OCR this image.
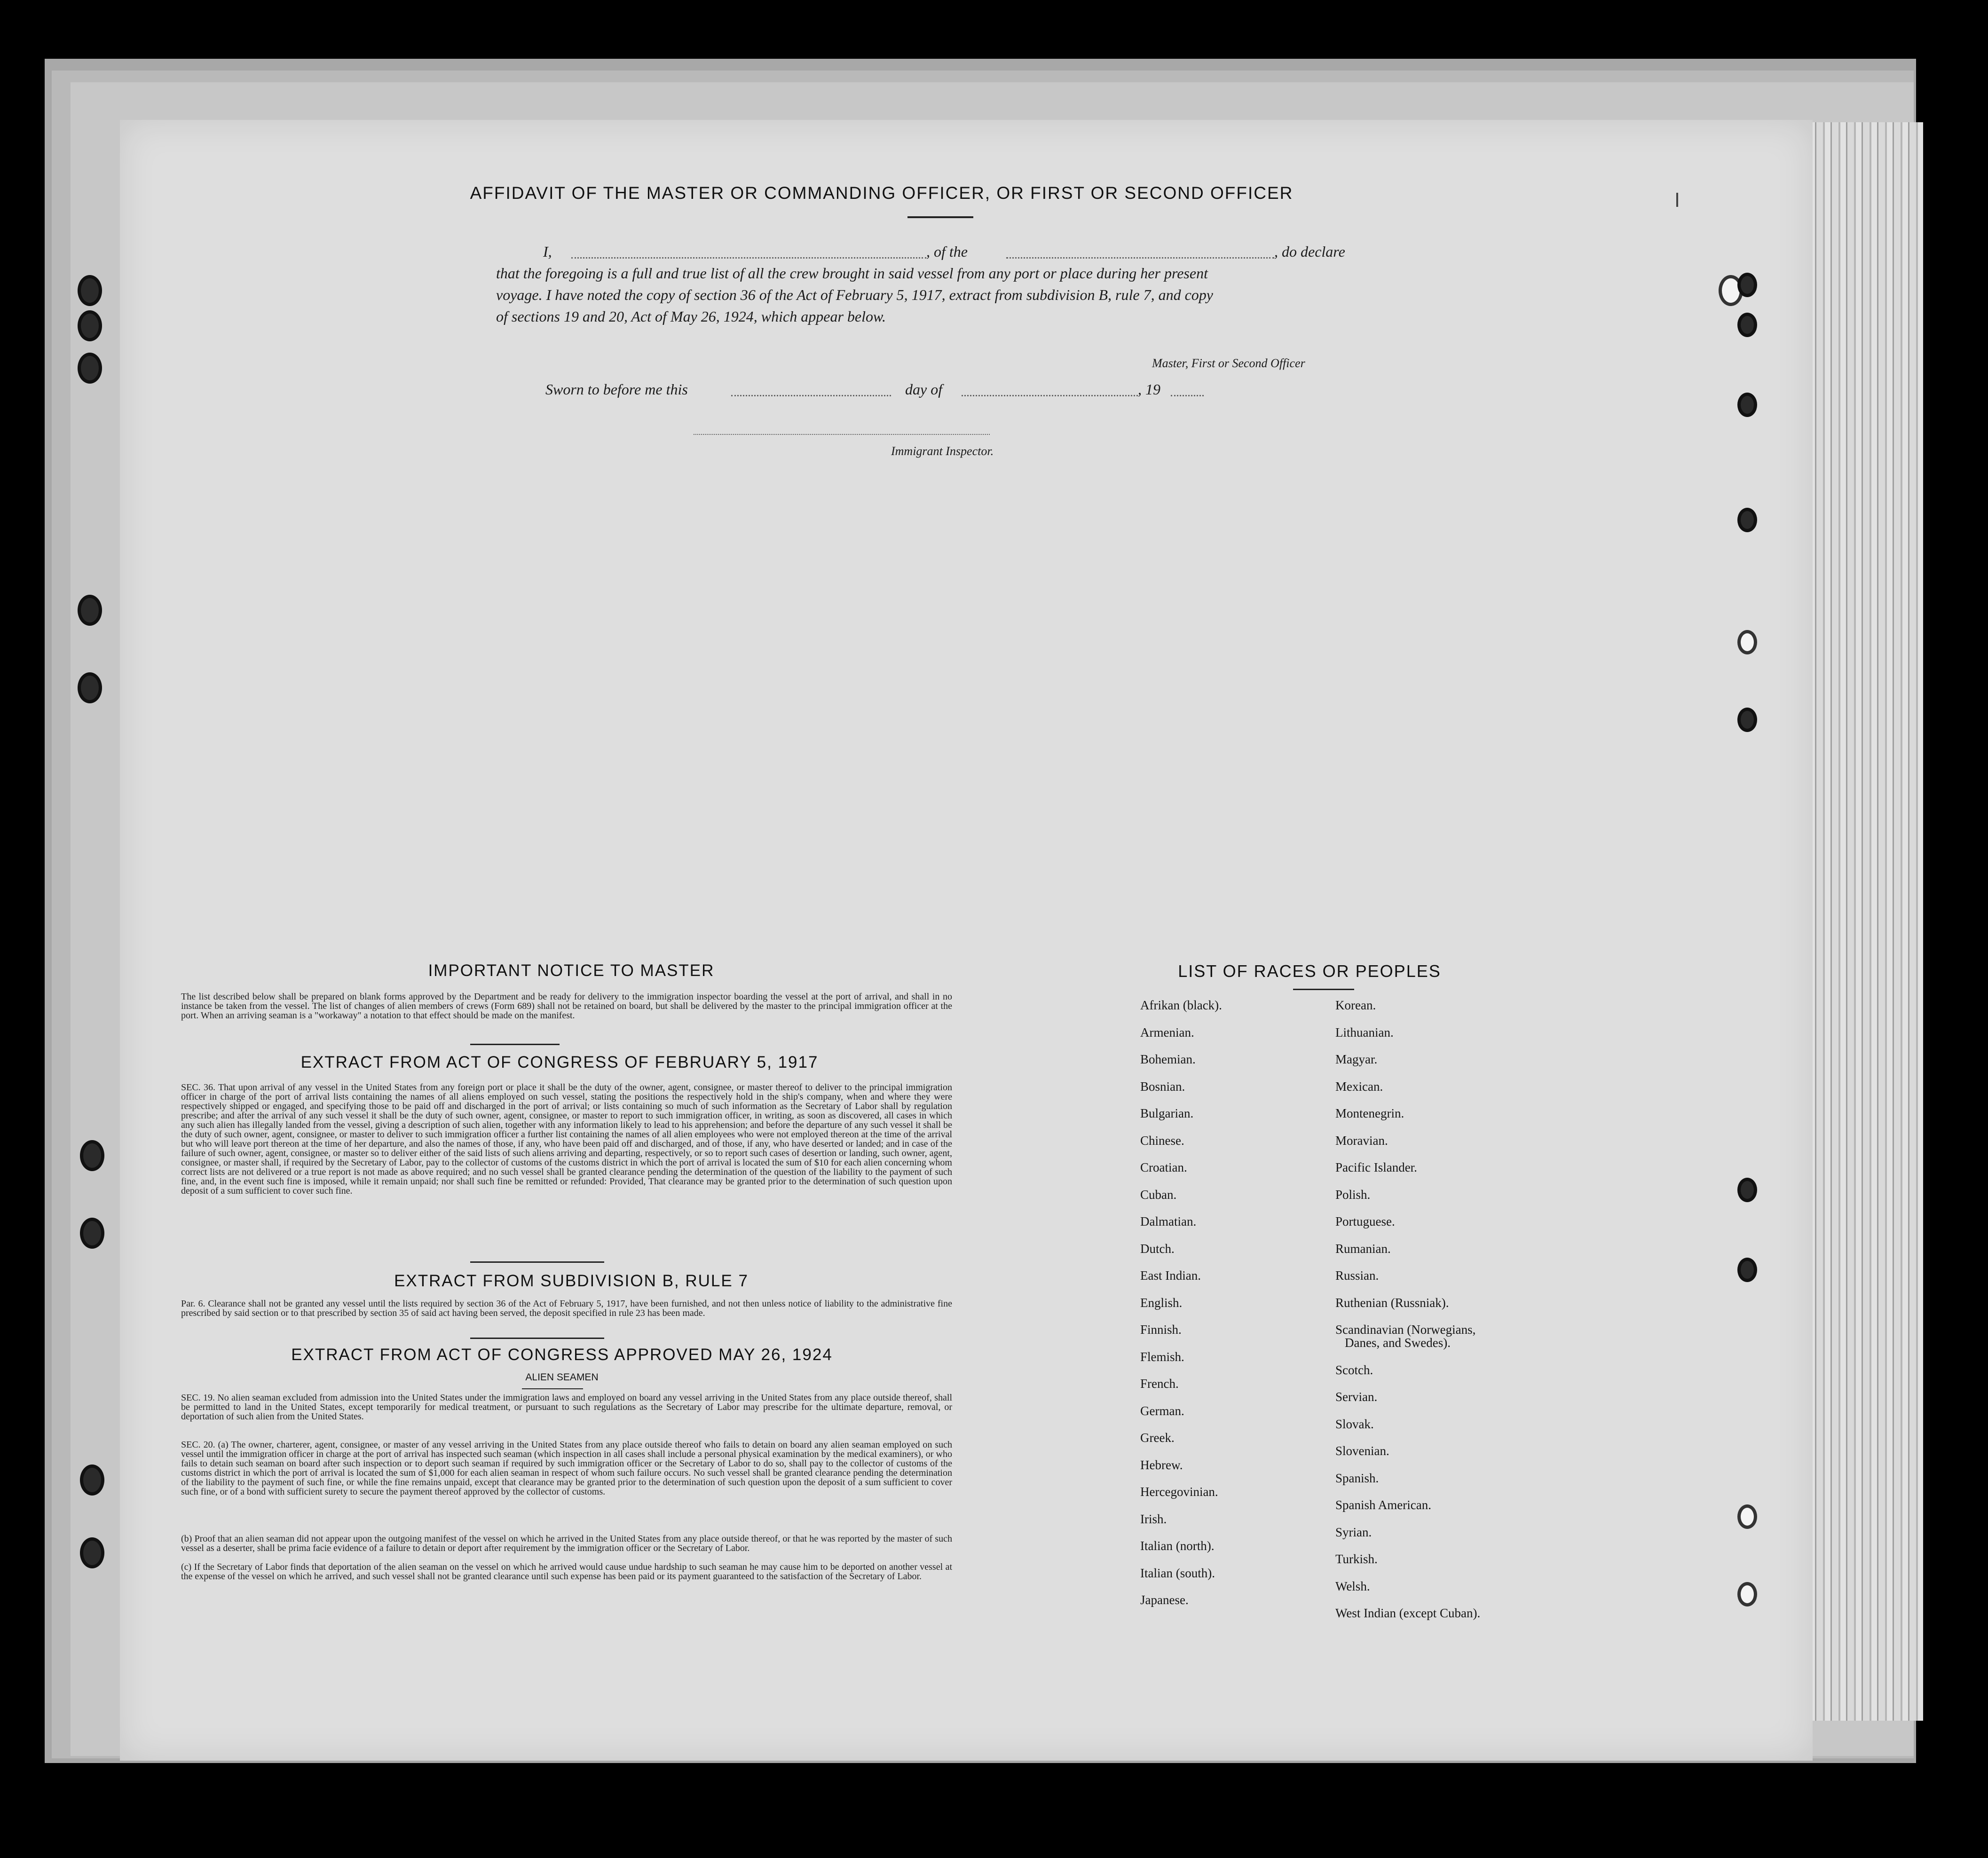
AFFIDAVIT OF THE MASTER OR COMMANDING OFFICER, OR FIRST OR SECOND OFFICER
I,	, of the	, do declare
that the foregoing is a full and true list of all the crew brought in said vessel from any port or place during her present
voyage. I have noted the copy of section 36 of the Act of February 5, 1917, extract from subdivision B, rule 7, and copy
of sections 19 and 20, Act of May 26, 1924, which appear below.
Master, First or Second Officer
Sworn to before me this	day of	, 19
Immigrant Inspector.
IMPORTANT NOTICE TO MASTER
The list described below shall be prepared on blank forms approved by the Department and be ready for delivery to the immigration inspector boarding the vessel at the port of arrival, and shall in no instance be taken from the vessel. The list of changes of alien members of crews (Form 689) shall not be retained on board, but shall be delivered by the master to the principal immigration officer at the port. When an arriving seaman is a "workaway" a notation to that effect should be made on the manifest.
EXTRACT FROM ACT OF CONGRESS OF FEBRUARY 5, 1917
SEC. 36. That upon arrival of any vessel in the United States from any foreign port or place it shall be the duty of the owner, agent, consignee, or master thereof to deliver to the principal immigration officer in charge of the port of arrival lists containing the names of all aliens employed on such vessel, stating the positions the respectively hold in the ship's company, when and where they were respectively shipped or engaged, and specifying those to be paid off and discharged in the port of arrival; or lists containing so much of such information as the Secretary of Labor shall by regulation prescribe; and after the arrival of any such vessel it shall be the duty of such owner, agent, consignee, or master to report to such immigration officer, in writing, as soon as discovered, all cases in which any such alien has illegally landed from the vessel, giving a description of such alien, together with any information likely to lead to his apprehension; and before the departure of any such vessel it shall be the duty of such owner, agent, consignee, or master to deliver to such immigration officer a further list containing the names of all alien employees who were not employed thereon at the time of the arrival but who will leave port thereon at the time of her departure, and also the names of those, if any, who have been paid off and discharged, and of those, if any, who have deserted or landed; and in case of the failure of such owner, agent, consignee, or master so to deliver either of the said lists of such aliens arriving and departing, respectively, or so to report such cases of desertion or landing, such owner, agent, consignee, or master shall, if required by the Secretary of Labor, pay to the collector of customs of the customs district in which the port of arrival is located the sum of $10 for each alien concerning whom correct lists are not delivered or a true report is not made as above required; and no such vessel shall be granted clearance pending the determination of the question of the liability to the payment of such fine, and, in the event such fine is imposed, while it remain unpaid; nor shall such fine be remitted or refunded: Provided, That clearance may be granted prior to the determination of such question upon deposit of a sum sufficient to cover such fine.
EXTRACT FROM SUBDIVISION B, RULE 7
Par. 6. Clearance shall not be granted any vessel until the lists required by section 36 of the Act of February 5, 1917, have been furnished, and not then unless notice of liability to the administrative fine prescribed by said section or to that prescribed by section 35 of said act having been served, the deposit specified in rule 23 has been made.
EXTRACT FROM ACT OF CONGRESS APPROVED MAY 26, 1924
ALIEN SEAMEN
SEC. 19. No alien seaman excluded from admission into the United States under the immigration laws and employed on board any vessel arriving in the United States from any place outside thereof, shall be permitted to land in the United States, except temporarily for medical treatment, or pursuant to such regulations as the Secretary of Labor may prescribe for the ultimate departure, removal, or deportation of such alien from the United States.
SEC. 20. (a) The owner, charterer, agent, consignee, or master of any vessel arriving in the United States from any place outside thereof who fails to detain on board any alien seaman employed on such vessel until the immigration officer in charge at the port of arrival has inspected such seaman (which inspection in all cases shall include a personal physical examination by the medical examiners), or who fails to detain such seaman on board after such inspection or to deport such seaman if required by such immigration officer or the Secretary of Labor to do so, shall pay to the collector of customs of the customs district in which the port of arrival is located the sum of $1,000 for each alien seaman in respect of whom such failure occurs. No such vessel shall be granted clearance pending the determination of the liability to the payment of such fine, or while the fine remains unpaid, except that clearance may be granted prior to the determination of such question upon the deposit of a sum sufficient to cover such fine, or of a bond with sufficient surety to secure the payment thereof approved by the collector of customs.
(b) Proof that an alien seaman did not appear upon the outgoing manifest of the vessel on which he arrived in the United States from any place outside thereof, or that he was reported by the master of such vessel as a deserter, shall be prima facie evidence of a failure to detain or deport after requirement by the immigration officer or the Secretary of Labor.
(c) If the Secretary of Labor finds that deportation of the alien seaman on the vessel on which he arrived would cause undue hardship to such seaman he may cause him to be deported on another vessel at the expense of the vessel on which he arrived, and such vessel shall not be granted clearance until such expense has been paid or its payment guaranteed to the satisfaction of the Secretary of Labor.
LIST OF RACES OR PEOPLES
Afrikan (black).
Armenian.
Bohemian.
Bosnian.
Bulgarian.
Chinese.
Croatian.
Cuban.
Dalmatian.
Dutch.
East Indian.
English.
Finnish.
Flemish.
French.
German.
Greek.
Hebrew.
Hercegovinian.
Irish.
Italian (north).
Italian (south).
Japanese.
Korean.
Lithuanian.
Magyar.
Mexican.
Montenegrin.
Moravian.
Pacific Islander.
Polish.
Portuguese.
Rumanian.
Russian.
Ruthenian (Russniak).
Scandinavian (Norwegians,
Danes, and Swedes).
Scotch.
Servian.
Slovak.
Slovenian.
Spanish.
Spanish American.
Syrian.
Turkish.
Welsh.
West Indian (except Cuban).
